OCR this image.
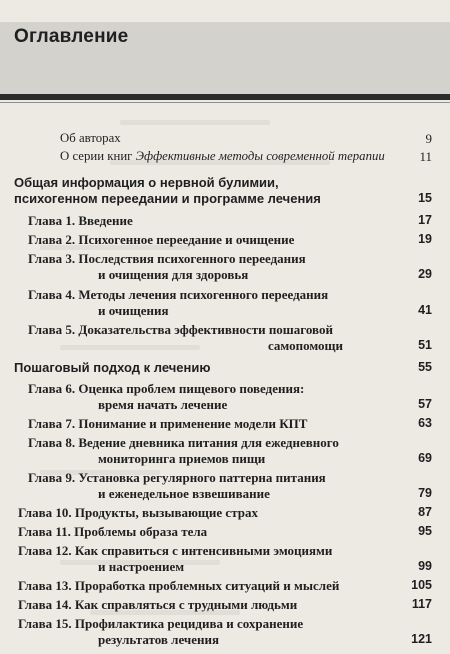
Оглавление
Об авторах	9
О серии книг Эффективные методы современной терапии	11
Общая информация о нервной булимии,
психогенном переедании и программе лечения	15
Глава 1. Введение	17
Глава 2. Психогенное переедание и очищение	19
Глава 3. Последствия психогенного переедания
и очищения для здоровья	29
Глава 4. Методы лечения психогенного переедания
и очищения	41
Глава 5. Доказательства эффективности пошаговой
самопомощи	51
Пошаговый подход к лечению	55
Глава 6. Оценка проблем пищевого поведения:
время начать лечение	57
Глава 7. Понимание и применение модели КПТ	63
Глава 8. Ведение дневника питания для ежедневного
мониторинга приемов пищи	69
Глава 9. Установка регулярного паттерна питания
и еженедельное взвешивание	79
Глава 10. Продукты, вызывающие страх	87
Глава 11. Проблемы образа тела	95
Глава 12. Как справиться с интенсивными эмоциями
и настроением	99
Глава 13. Проработка проблемных ситуаций и мыслей	105
Глава 14. Как справляться с трудными людьми	117
Глава 15. Профилактика рецидива и сохранение
результатов лечения	121
